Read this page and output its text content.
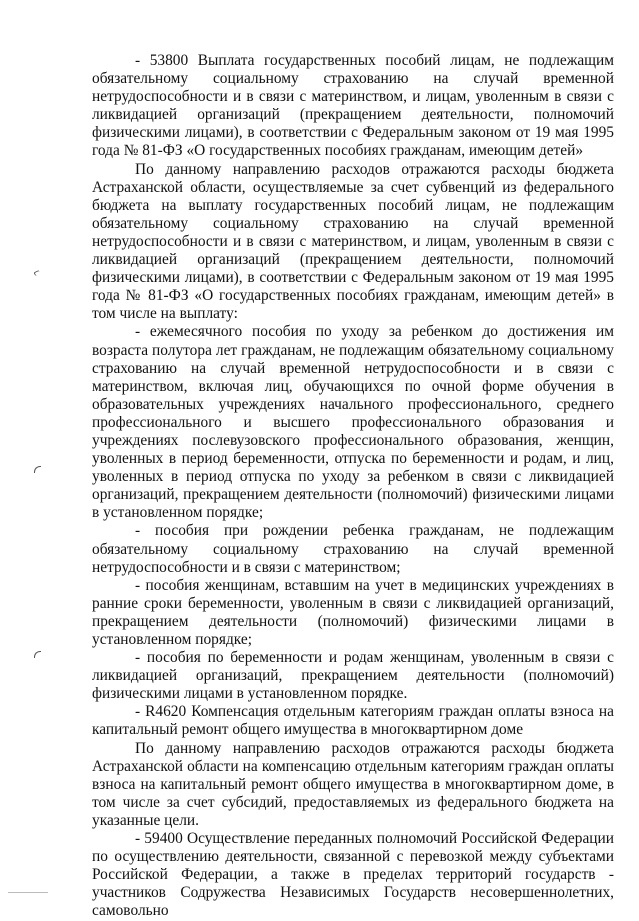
- 53800 Выплата государственных пособий лицам, не подлежащим обязательному социальному страхованию на случай временной нетрудоспособности и в связи с материнством, и лицам, уволенным в связи с ликвидацией организаций (прекращением деятельности, полномочий физическими лицами), в соответствии с Федеральным законом от 19 мая 1995 года № 81-ФЗ «О государственных пособиях гражданам, имеющим детей»

По данному направлению расходов отражаются расходы бюджета Астраханской области, осуществляемые за счет субвенций из федерального бюджета на выплату государственных пособий лицам, не подлежащим обязательному социальному страхованию на случай временной нетрудоспособности и в связи с материнством, и лицам, уволенным в связи с ликвидацией организаций (прекращением деятельности, полномочий физическими лицами), в соответствии с Федеральным законом от 19 мая 1995 года № 81-ФЗ «О государственных пособиях гражданам, имеющим детей» в том числе на выплату:

- ежемесячного пособия по уходу за ребенком до достижения им возраста полутора лет гражданам, не подлежащим обязательному социальному страхованию на случай временной нетрудоспособности и в связи с материнством, включая лиц, обучающихся по очной форме обучения в образовательных учреждениях начального профессионального, среднего профессионального и высшего профессионального образования и учреждениях послевузовского профессионального образования, женщин, уволенных в период беременности, отпуска по беременности и родам, и лиц, уволенных в период отпуска по уходу за ребенком в связи с ликвидацией организаций, прекращением деятельности (полномочий) физическими лицами в установленном порядке;

- пособия при рождении ребенка гражданам, не подлежащим обязательному социальному страхованию на случай временной нетрудоспособности и в связи с материнством;

- пособия женщинам, вставшим на учет в медицинских учреждениях в ранние сроки беременности, уволенным в связи с ликвидацией организаций, прекращением деятельности (полномочий) физическими лицами в установленном порядке;

- пособия по беременности и родам женщинам, уволенным в связи с ликвидацией организаций, прекращением деятельности (полномочий) физическими лицами в установленном порядке.

- R4620 Компенсация отдельным категориям граждан оплаты взноса на капитальный ремонт общего имущества в многоквартирном доме

По данному направлению расходов отражаются расходы бюджета Астраханской области на компенсацию отдельным категориям граждан оплаты взноса на капитальный ремонт общего имущества в многоквартирном доме, в том числе за счет субсидий, предоставляемых из федерального бюджета на указанные цели.

- 59400 Осуществление переданных полномочий Российской Федерации по осуществлению деятельности, связанной с перевозкой между субъектами Российской Федерации, а также в пределах территорий государств - участников Содружества Независимых Государств несовершеннолетних, самовольно
